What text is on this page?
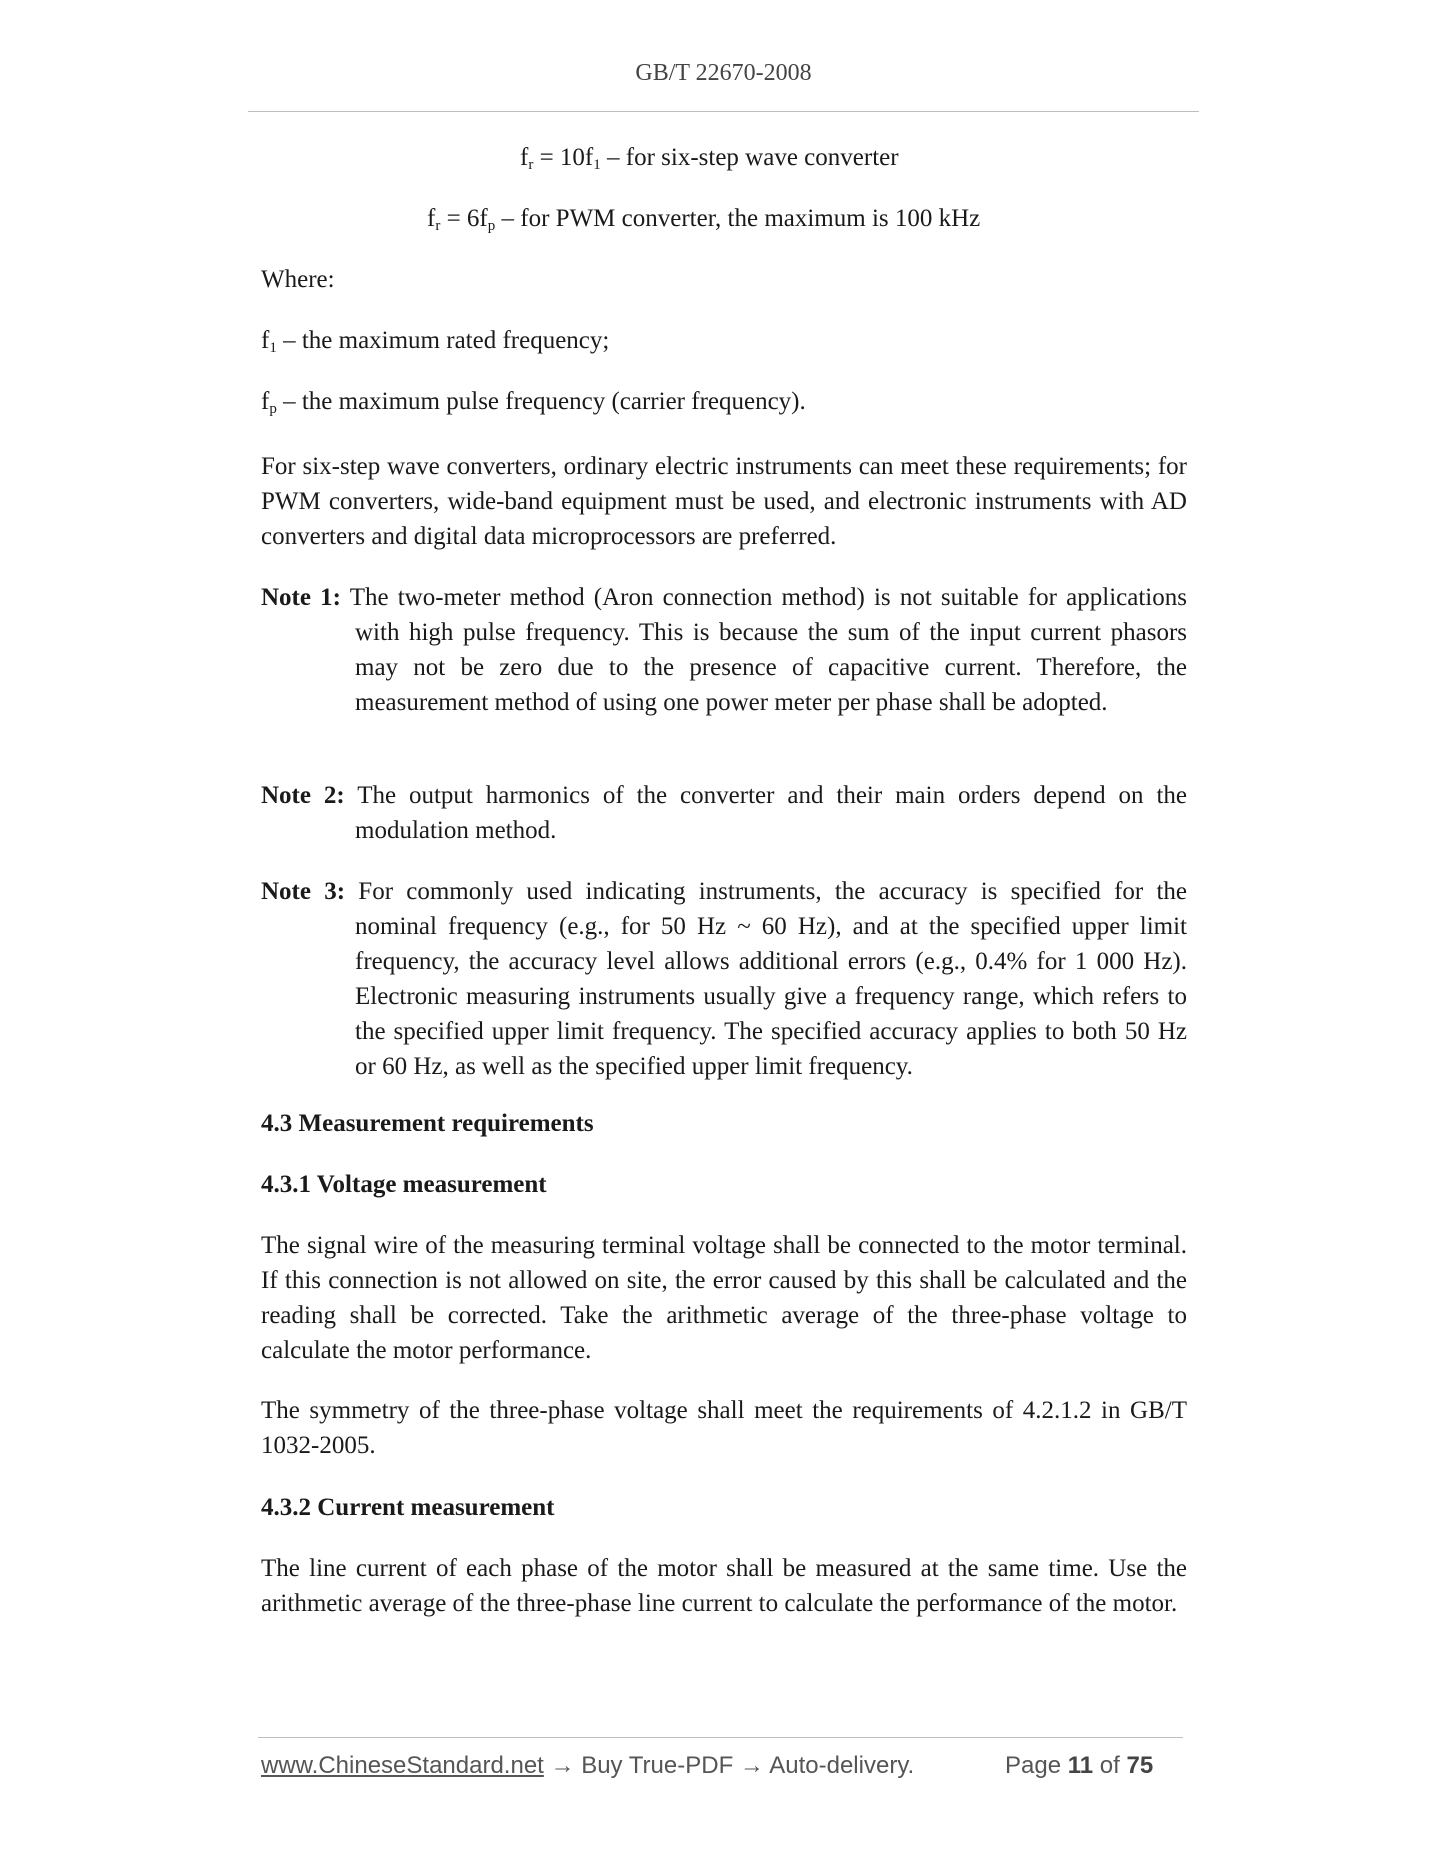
GB/T 22670-2008
$f_r = 10f_1$ – for six-step wave converter
$f_r = 6f_p$ – for PWM converter, the maximum is 100 kHz
Where:
$f_1$ – the maximum rated frequency;
$f_p$ – the maximum pulse frequency (carrier frequency).
For six-step wave converters, ordinary electric instruments can meet these requirements; for PWM converters, wide-band equipment must be used, and electronic instruments with AD converters and digital data microprocessors are preferred.
Note 1: The two-meter method (Aron connection method) is not suitable for applications with high pulse frequency. This is because the sum of the input current phasors may not be zero due to the presence of capacitive current. Therefore, the measurement method of using one power meter per phase shall be adopted.
Note 2: The output harmonics of the converter and their main orders depend on the modulation method.
Note 3: For commonly used indicating instruments, the accuracy is specified for the nominal frequency (e.g., for 50 Hz ~ 60 Hz), and at the specified upper limit frequency, the accuracy level allows additional errors (e.g., 0.4% for 1 000 Hz). Electronic measuring instruments usually give a frequency range, which refers to the specified upper limit frequency. The specified accuracy applies to both 50 Hz or 60 Hz, as well as the specified upper limit frequency.
4.3 Measurement requirements
4.3.1 Voltage measurement
The signal wire of the measuring terminal voltage shall be connected to the motor terminal. If this connection is not allowed on site, the error caused by this shall be calculated and the reading shall be corrected. Take the arithmetic average of the three-phase voltage to calculate the motor performance.
The symmetry of the three-phase voltage shall meet the requirements of 4.2.1.2 in GB/T 1032-2005.
4.3.2 Current measurement
The line current of each phase of the motor shall be measured at the same time. Use the arithmetic average of the three-phase line current to calculate the performance of the motor.
www.ChineseStandard.net → Buy True-PDF → Auto-delivery.	Page 11 of 75
